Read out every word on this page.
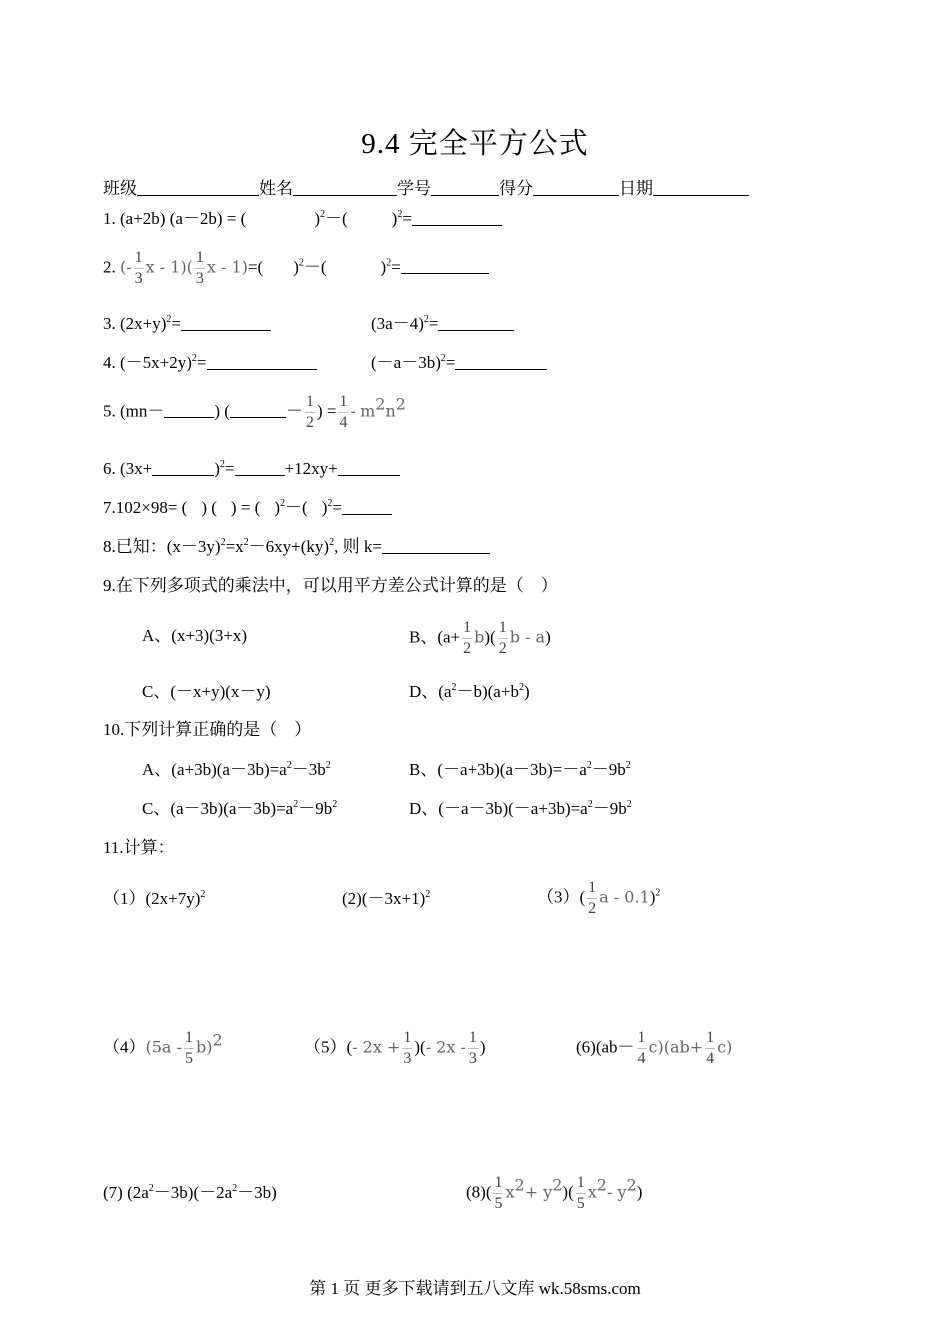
9.4 完全平方公式
班级	姓名	学号	得分	日期
1. (a+2b) (a－2b) = (	)$^2$－(	)$^2$=
2. (- $\frac{1}{3}$ x - $1)( \frac{1}{3}$ x - 1)=( )$^2$－(	)$^2$=
3. $(2x+y)^2=$	$(3a-4)^2=$
4. $(-5x+2y)^2=$	$(-a-3b)^2=$
5. (mn－	) (	－ $\frac{1}{2}$ ) = $\frac{1}{4} - m^2n^2$
6. (3x+	)$^2$=	+12xy+
7.102×98= ( ) ( ) = ( )$^2$－( )$^2$=
8.已知：$(x-3y)^2=x^2-6xy+(ky)^2$, 则 k=
9.在下列多项式的乘法中，可以用平方差公式计算的是（　）
A、(x+3)(3+x)	B、$(a+ \frac{1}{2} b)( \frac{1}{2}$ b - a)
C、(－x+y)(x－y)	D、$(a^2-b)(a+b^2)$
10.下列计算正确的是（　）
A、$(a+3b)(a-3b)=a^2-3b^2$	B、$(-a+3b)(a-3b)=-a^2-9b^2$
C、$(a-3b)(a-3b)=a^2-9b^2$	D、$(-a-3b)(-a+3b)=a^2-9b^2$
11.计算：
$(1)(2x+7y)^2$	$(2)(-3x+1)^2$	$(3)( \frac{1}{2}$ a - 0.1)$^2$
$(4)(5a - \frac{1}{5} b)^2$	（5）(- $2x + \frac{1}{3}$ )(- $2x - \frac{1}{3}$ )	$(6)(ab- \frac{1}{4} c)(ab+ \frac{1}{4} c)$
(7) $(2a^2-3b)(-2a^2-3b)$	$(8)( \frac{1}{5} x^2+ y^2)( \frac{1}{5} x^2-$ $y^2$)
第 1 页 更多下载请到五八文库 wk.58sms.com
